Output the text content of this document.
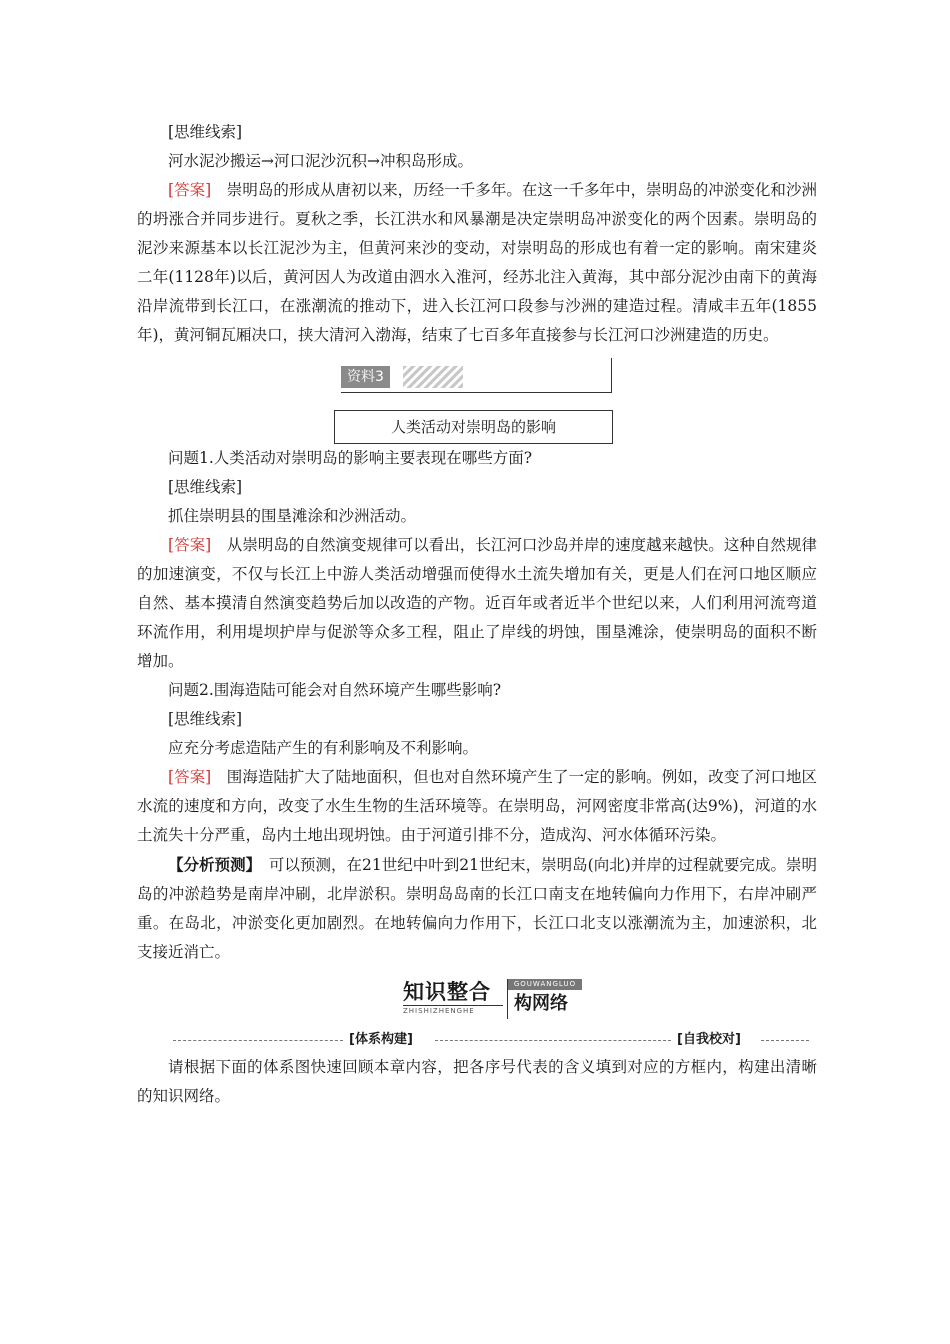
[思维线索]

河水泥沙搬运→河口泥沙沉积→冲积岛形成。

[答案]　 崇明岛的形成从唐初以来，历经一千多年。在这一千多年中，崇明岛的冲淤变化和沙洲的坍涨合并同步进行。夏秋之季，长江洪水和风暴潮是决定崇明岛冲淤变化的两个因素。崇明岛的泥沙来源基本以长江泥沙为主，但黄河来沙的变动，对崇明岛的形成也有着一定的影响。南宋建炎二年(1128年)以后，黄河因人为改道由泗水入淮河，经苏北注入黄海，其中部分泥沙由南下的黄海沿岸流带到长江口，在涨潮流的推动下，进入长江河口段参与沙洲的建造过程。清咸丰五年(1855年)，黄河铜瓦厢决口，挟大清河入渤海，结束了七百多年直接参与长江河口沙洲建造的历史。

资料3
人类活动对崇明岛的影响

问题1.人类活动对崇明岛的影响主要表现在哪些方面?

[思维线索]

抓住崇明县的围垦滩涂和沙洲活动。

[答案]　 从崇明岛的自然演变规律可以看出，长江河口沙岛并岸的速度越来越快。这种自然规律的加速演变，不仅与长江上中游人类活动增强而使得水土流失增加有关，更是人们在河口地区顺应自然、基本摸清自然演变趋势后加以改造的产物。近百年或者近半个世纪以来，人们利用河流弯道环流作用，利用堤坝护岸与促淤等众多工程，阻止了岸线的坍蚀，围垦滩涂，使崇明岛的面积不断增加。

问题2.围海造陆可能会对自然环境产生哪些影响?

[思维线索]

应充分考虑造陆产生的有利影响及不利影响。

[答案]　 围海造陆扩大了陆地面积，但也对自然环境产生了一定的影响。例如，改变了河口地区水流的速度和方向，改变了水生生物的生活环境等。在崇明岛，河网密度非常高(达9%)，河道的水土流失十分严重，岛内土地出现坍蚀。由于河道引排不分，造成沟、河水体循环污染。

【分析预测】　 可以预测，在21世纪中叶到21世纪末，崇明岛(向北)并岸的过程就要完成。崇明岛的冲淤趋势是南岸冲刷，北岸淤积。崇明岛岛南的长江口南支在地转偏向力作用下，右岸冲刷严重。在岛北，冲淤变化更加剧烈。在地转偏向力作用下，长江口北支以涨潮流为主，加速淤积，北支接近消亡。

知识整合
ZHISHIZHENGHE
GOUWANGLUO
构网络
[体系构建]	[自我校对]

请根据下面的体系图快速回顾本章内容，把各序号代表的含义填到对应的方框内，构建出清晰的知识网络。
